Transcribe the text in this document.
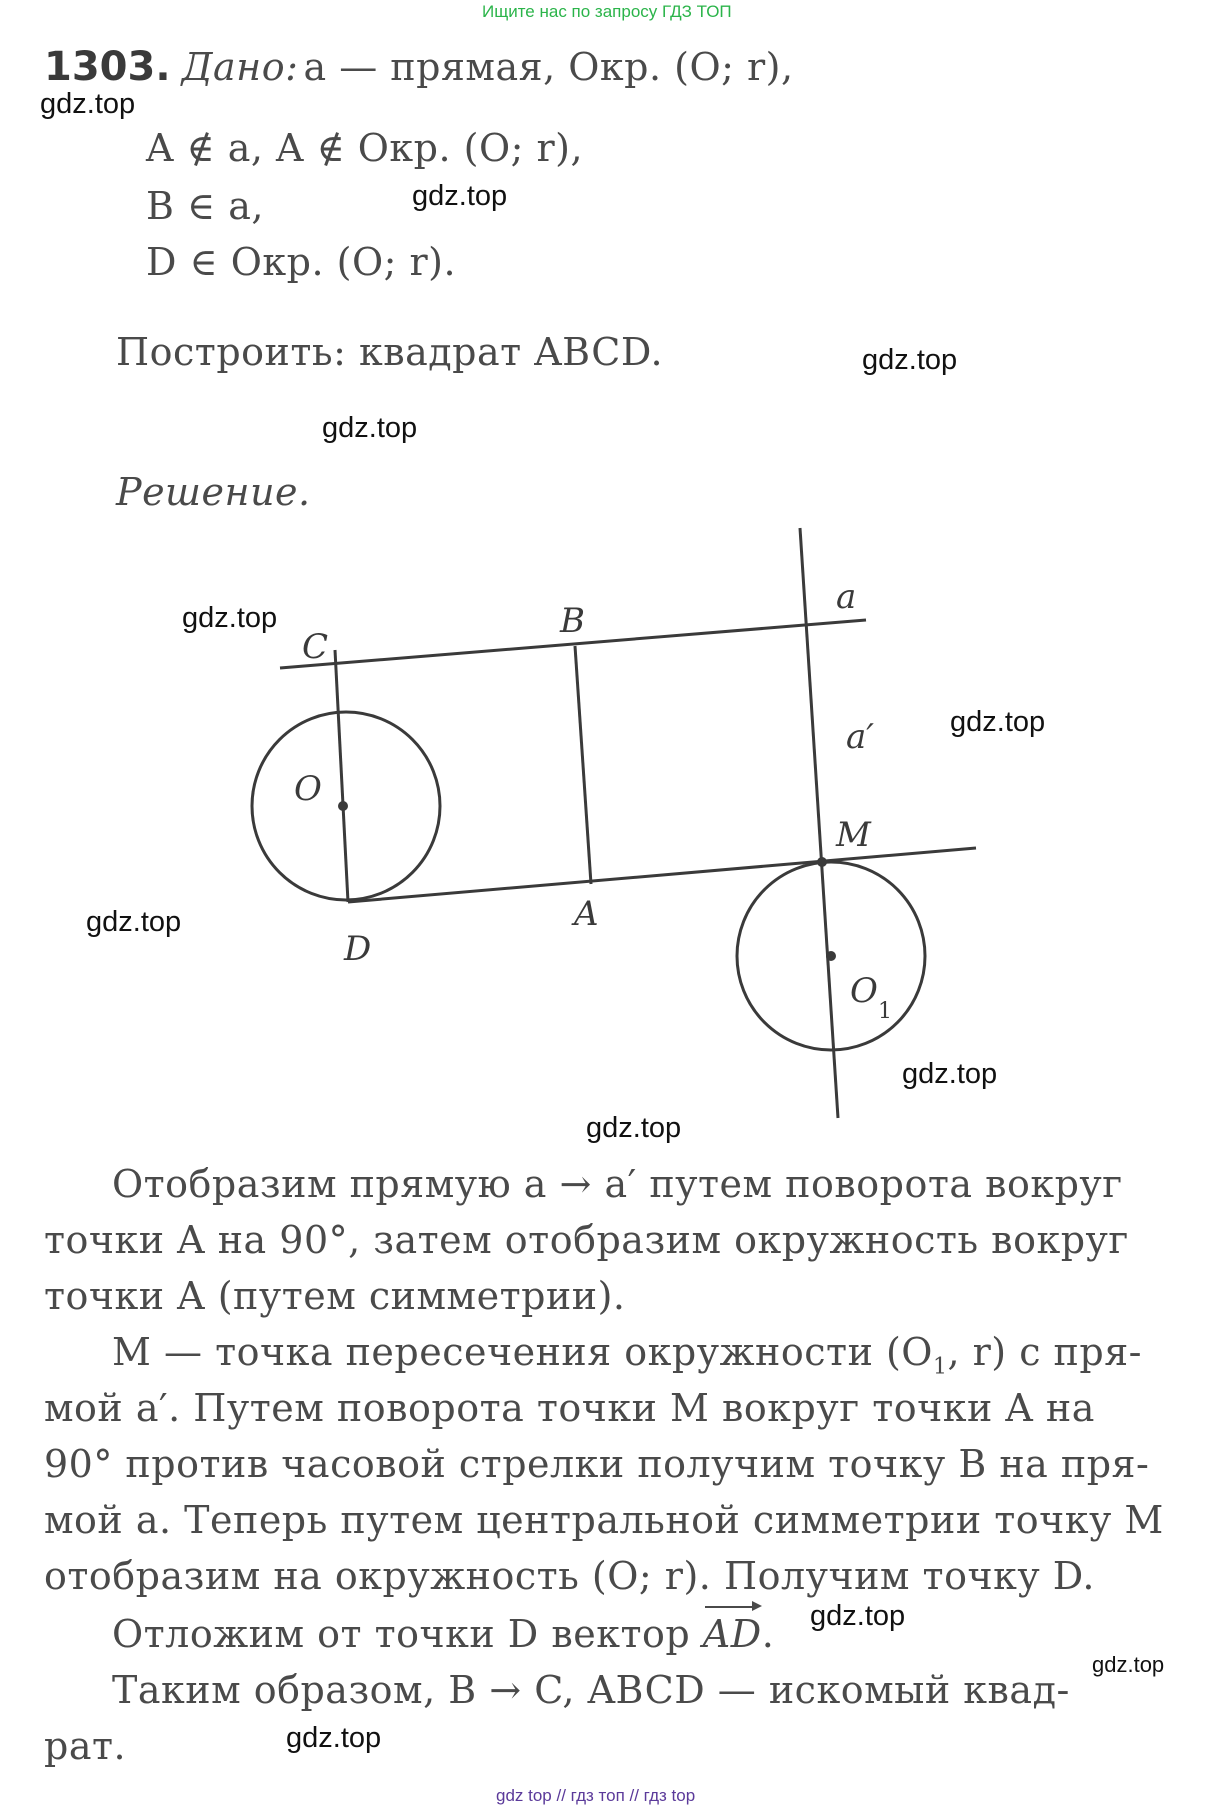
Ищите нас по запросу ГДЗ ТОП
1303. Дано: a — прямая, Окр. (O; r),
A ∉ a, A ∉ Окр. (O; r),
B ∈ a,
D ∈ Окр. (O; r).
Построить: квадрат ABCD.
Решение.
a
a′
B
C
O
D
A
M
O
1
Отобразим прямую a → a′ путем поворота вокруг
точки A на 90°, затем отобразим окружность вокруг
точки A (путем симметрии).
M — точка пересечения окружности ($O_1$, r) с пря-
мой a′. Путем поворота точки M вокруг точки A на
90° против часовой стрелки получим точку B на пря-
мой a. Теперь путем центральной симметрии точку M
отобразим на окружность (O; r). Получим точку D.
Отложим от точки D вектор AD.
Таким образом, B → C, ABCD — искомый квад-
рат.
gdz.top
gdz.top
gdz.top
gdz.top
gdz.top
gdz.top
gdz.top
gdz.top
gdz.top
gdz.top
gdz.top
gdz.top
gdz top // гдз топ // гдз top
